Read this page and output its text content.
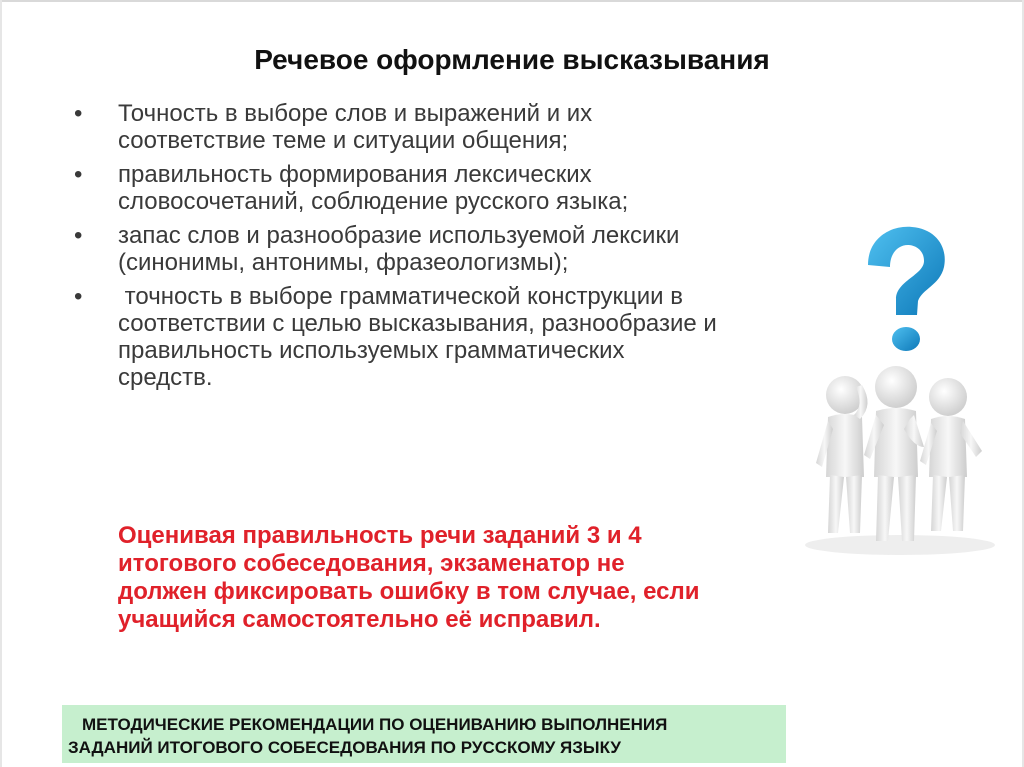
Речевое оформление высказывания
• Точность в выборе слов и выражений и их соответствие теме и ситуации общения;
• правильность формирования лексических словосочетаний, соблюдение русского языка;
• запас слов и разнообразие используемой лексики (синонимы, антонимы, фразеологизмы);
• точность в выборе грамматической конструкции в соответствии с целью высказывания, разнообразие и правильность используемых грамматических средств.

Оценивая правильность речи заданий 3 и 4 итогового собеседования, экзаменатор не должен фиксировать ошибку в том случае, если учащийся самостоятельно её исправил.

МЕТОДИЧЕСКИЕ РЕКОМЕНДАЦИИ ПО ОЦЕНИВАНИЮ ВЫПОЛНЕНИЯ
ЗАДАНИЙ ИТОГОВОГО СОБЕСЕДОВАНИЯ ПО РУССКОМУ ЯЗЫКУ
